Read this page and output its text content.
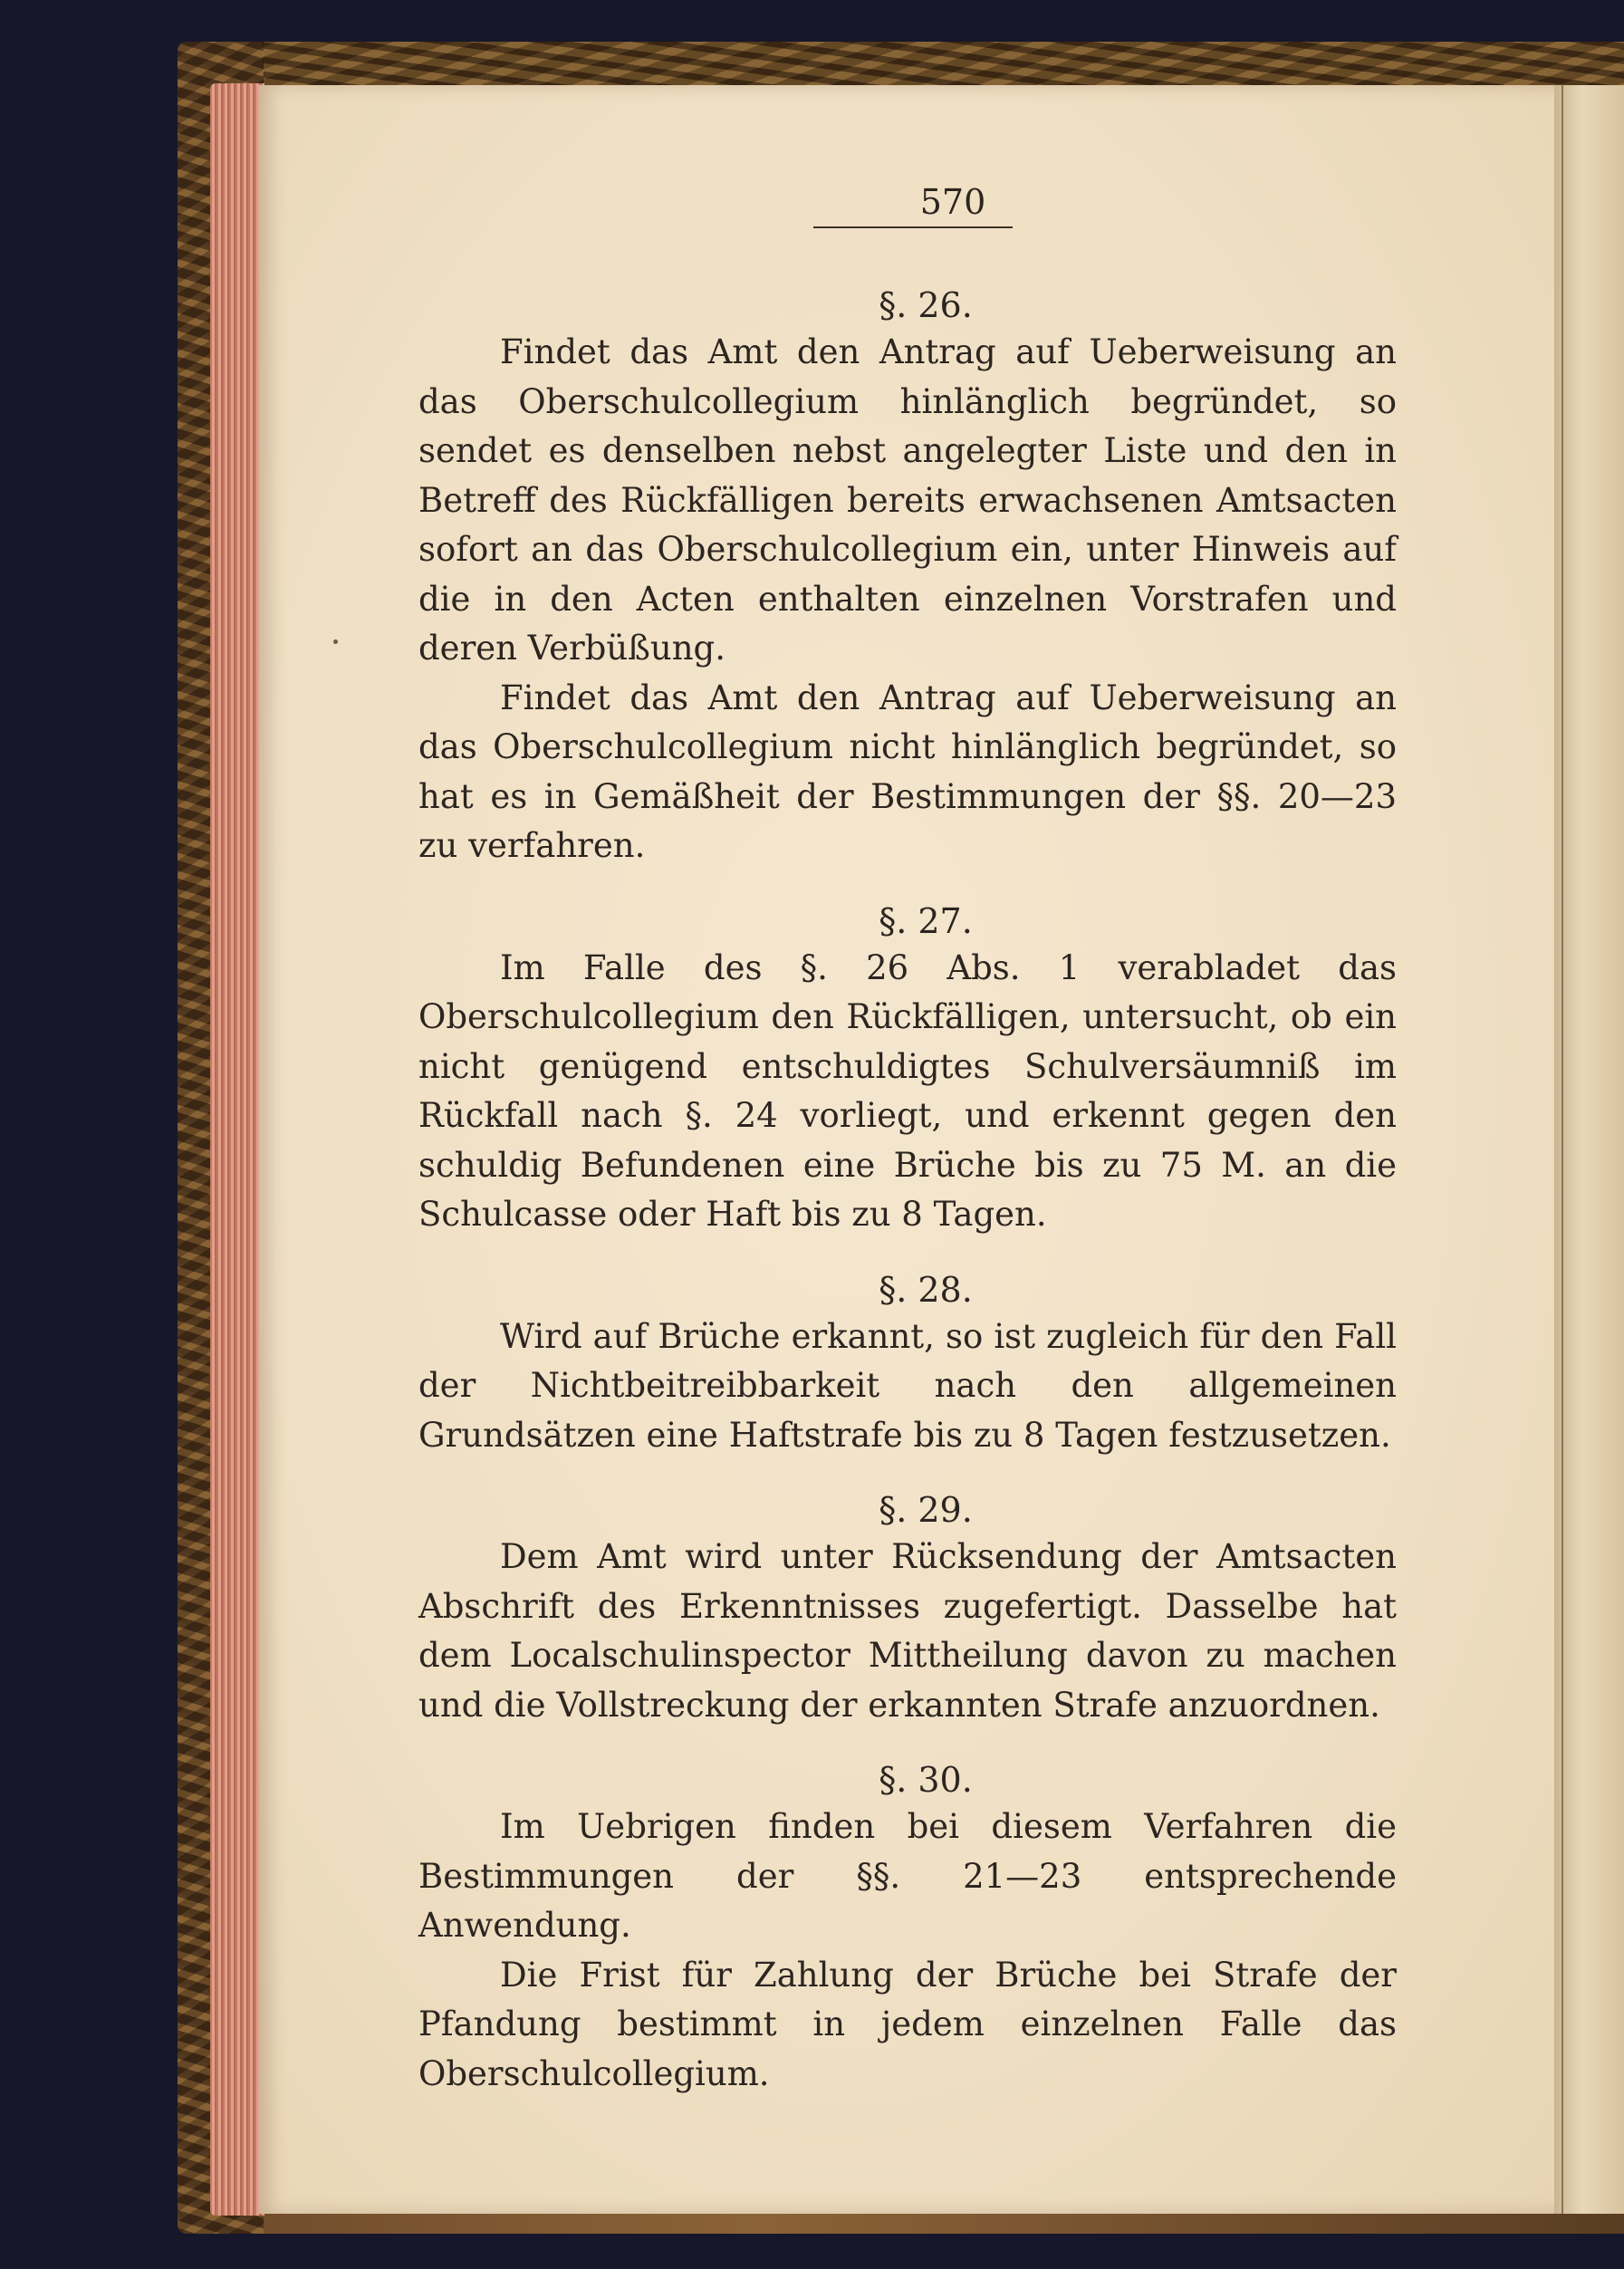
570
§. 26.

Findet das Amt den Antrag auf Ueberweisung an das Oberschulcollegium hinlänglich begründet, so sendet es denselben nebst angelegter Liste und den in Betreff des Rückfälligen bereits erwachsenen Amtsacten sofort an das Oberschulcollegium ein, unter Hinweis auf die in den Acten enthalten einzelnen Vorstrafen und deren Verbüßung.

Findet das Amt den Antrag auf Ueberweisung an das Oberschulcollegium nicht hinlänglich begründet, so hat es in Gemäßheit der Bestimmungen der §§. 20—23 zu verfahren.

§. 27.

Im Falle des §. 26 Abs. 1 verabladet das Oberschulcollegium den Rückfälligen, untersucht, ob ein nicht genügend entschuldigtes Schulversäumniß im Rückfall nach §. 24 vorliegt, und erkennt gegen den schuldig Befundenen eine Brüche bis zu 75 M. an die Schulcasse oder Haft bis zu 8 Tagen.

§. 28.

Wird auf Brüche erkannt, so ist zugleich für den Fall der Nichtbeitreibbarkeit nach den allgemeinen Grundsätzen eine Haftstrafe bis zu 8 Tagen festzusetzen.

§. 29.

Dem Amt wird unter Rücksendung der Amtsacten Abschrift des Erkenntnisses zugefertigt. Dasselbe hat dem Localschulinspector Mittheilung davon zu machen und die Vollstreckung der erkannten Strafe anzuordnen.

§. 30.

Im Uebrigen finden bei diesem Verfahren die Bestimmungen der §§. 21—23 entsprechende Anwendung.

Die Frist für Zahlung der Brüche bei Strafe der Pfandung bestimmt in jedem einzelnen Falle das Oberschulcollegium.
